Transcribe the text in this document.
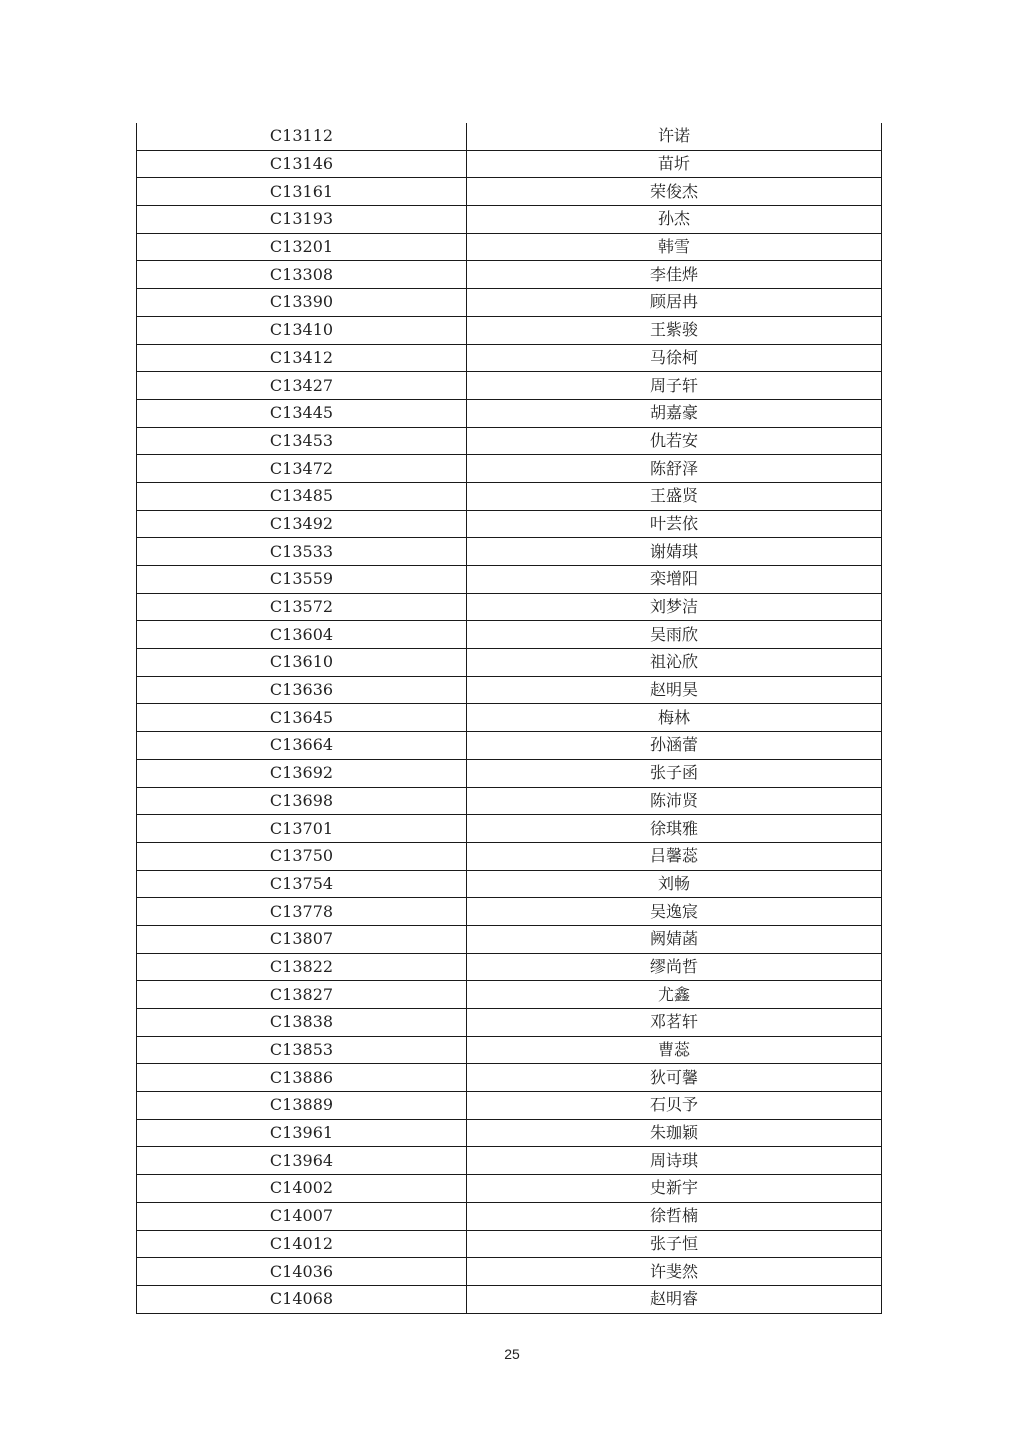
C13112	许诺
C13146	苗圻
C13161	荣俊杰
C13193	孙杰
C13201	韩雪
C13308	李佳烨
C13390	顾居冉
C13410	王紫骏
C13412	马徐柯
C13427	周子轩
C13445	胡嘉豪
C13453	仇若安
C13472	陈舒泽
C13485	王盛贤
C13492	叶芸依
C13533	谢婧琪
C13559	栾增阳
C13572	刘梦洁
C13604	吴雨欣
C13610	祖沁欣
C13636	赵明昊
C13645	梅林
C13664	孙涵蕾
C13692	张子函
C13698	陈沛贤
C13701	徐琪雅
C13750	吕馨蕊
C13754	刘畅
C13778	吴逸宸
C13807	阙婧菡
C13822	缪尚哲
C13827	尤鑫
C13838	邓茗轩
C13853	曹蕊
C13886	狄可馨
C13889	石贝予
C13961	朱珈颖
C13964	周诗琪
C14002	史新宇
C14007	徐哲楠
C14012	张子恒
C14036	许斐然
C14068	赵明睿
25
